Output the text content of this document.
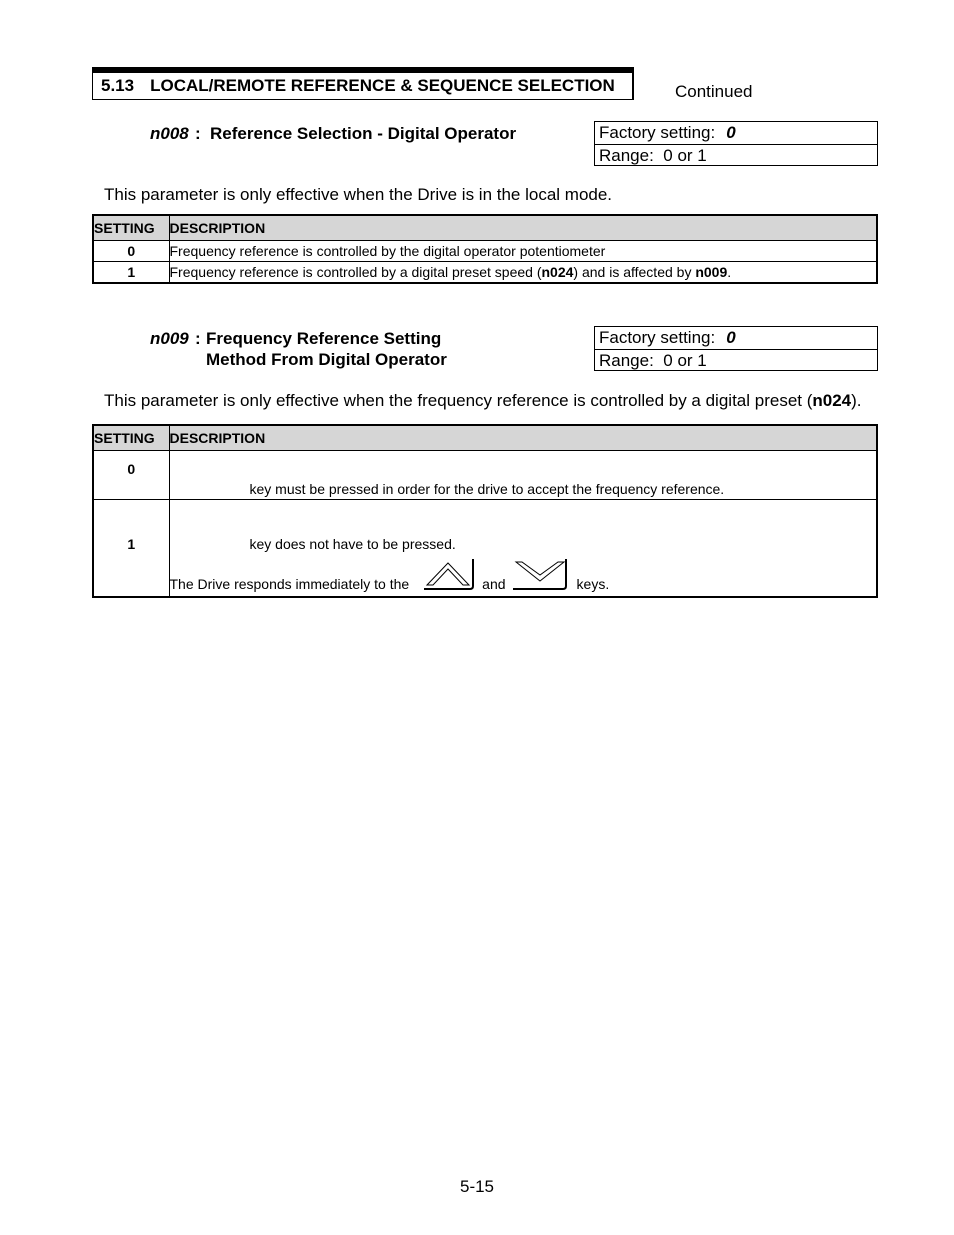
5.13 LOCAL/REMOTE REFERENCE & SEQUENCE SELECTION	Continued
n008 : Reference Selection - Digital Operator	Factory setting: 0
Range:  0 or 1
This parameter is only effective when the Drive is in the local mode.
SETTING	DESCRIPTION
0	Frequency reference is controlled by the digital operator potentiometer
1	Frequency reference is controlled by a digital preset speed (n024) and is affected by n009.
n009 : Frequency Reference Setting
Method From Digital Operator
Factory setting: 0
Range:  0 or 1
This parameter is only effective when the frequency reference is controlled by a digital preset (n024).
SETTING	DESCRIPTION
0	key must be pressed in order for the drive to accept the frequency reference.

1	key does not have to be pressed.
The Drive responds immediately to the and keys.
5-15
